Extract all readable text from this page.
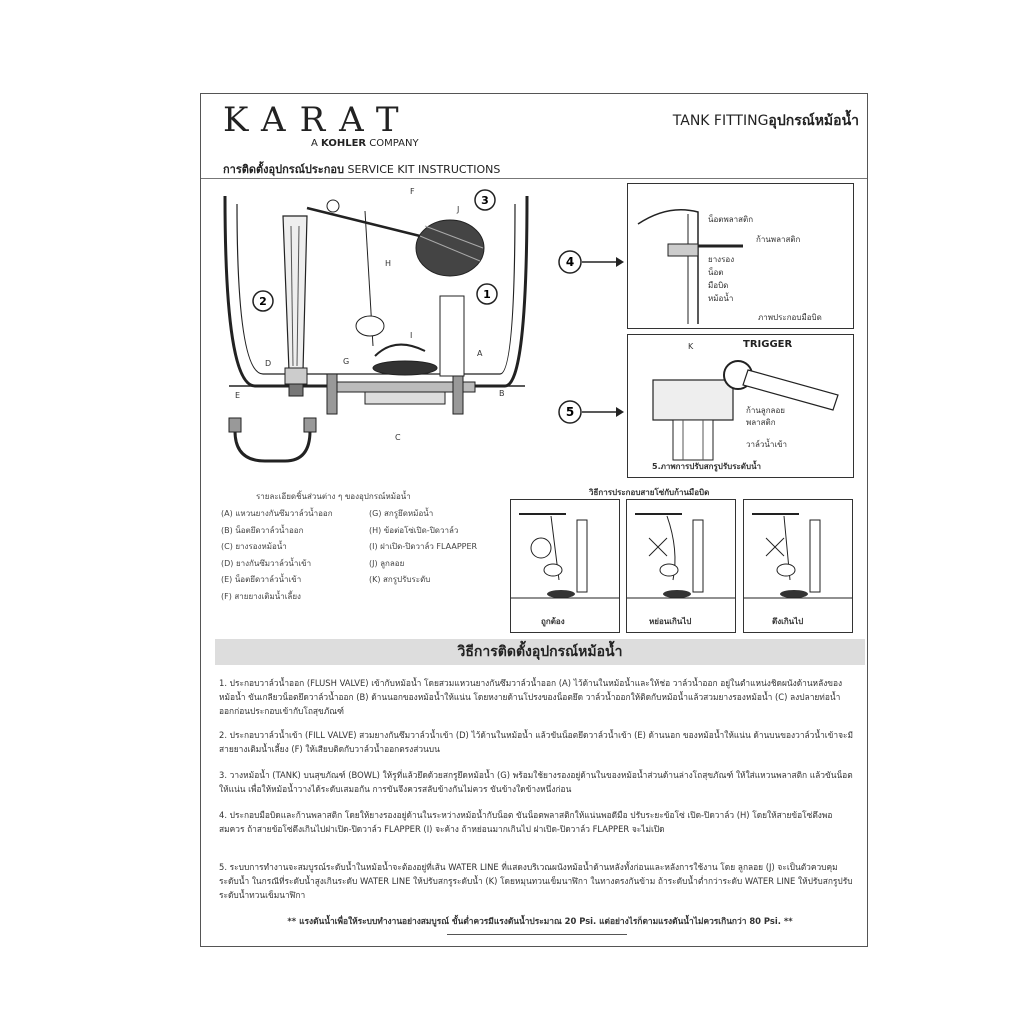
KARAT
A KOHLER COMPANY
TANK FITTINGอุปกรณ์หม้อน้ำ
การติดตั้งอุปกรณ์ประกอบ SERVICE KIT INSTRUCTIONS
2
1
3
F
J
H
I
A
B
C
D
E
G
4
5
น็อตพลาสติก
ก้านพลาสติก
ยางรอง
น็อต
มือบิด
หม้อน้ำ
ภาพประกอบมือบิด
K	TRIGGER
ก้านลูกลอย
พลาสติก
วาล์วน้ำเข้า
5.ภาพการปรับสกรูปรับระดับน้ำ
รายละเอียดชิ้นส่วนต่าง ๆ ของอุปกรณ์หม้อน้ำ
(A) แหวนยางกันซึมวาล์วน้ำออก
(B) น็อตยึดวาล์วน้ำออก
(C) ยางรองหม้อน้ำ
(D) ยางกันซึมวาล์วน้ำเข้า
(E) น็อตยึดวาล์วน้ำเข้า
(F) สายยางเติมน้ำเลี้ยง
(G) สกรูยึดหม้อน้ำ
(H) ข้อต่อโซ่เปิด-ปิดวาล์ว
(I) ฝาเปิด-ปิดวาล์ว FLAAPPER
(J) ลูกลอย
(K) สกรูปรับระดับ
วิธีการประกอบสายโซ่กับก้านมือบิด
ถูกต้อง	หย่อนเกินไป	ตึงเกินไป
วิธีการติดตั้งอุปกรณ์หม้อน้ำ
1. ประกอบวาล์วน้ำออก (FLUSH VALVE) เข้ากับหม้อน้ำ โดยสวมแหวนยางกันซึมวาล์วน้ำออก (A) ไว้ด้านในหม้อน้ำและให้ช่อ วาล์วน้ำออก อยู่ในตำแหน่งชิดผนังด้านหลังของหม้อน้ำ ขันเกลียวน็อตยึดวาล์วน้ำออก (B) ด้านนอกของหม้อน้ำให้แน่น โดยหงายด้านโปรงของน็อตยึด วาล์วน้ำออกให้ติดกับหม้อน้ำแล้วสวมยางรองหม้อน้ำ (C) ลงปลายท่อน้ำออกก่อนประกอบเข้ากับโถสุขภัณฑ์
2. ประกอบวาล์วน้ำเข้า (FILL VALVE) สวมยางกันซึมวาล์วน้ำเข้า (D) ไว้ด้านในหม้อน้ำ แล้วขันน็อตยึดวาล์วน้ำเข้า (E) ด้านนอก ของหม้อน้ำให้แน่น ด้านบนของวาล์วน้ำเข้าจะมีสายยางเติมน้ำเลี้ยง (F) ให้เสียบติดกับวาล์วน้ำออกตรงส่วนบน
3. วางหม้อน้ำ (TANK) บนสุขภัณฑ์ (BOWL) ให้รูที่แล้วยึดด้วยสกรูยึดหม้อน้ำ (G) พร้อมใช้ยางรองอยู่ด้านในของหม้อน้ำส่วนด้านล่างโถสุขภัณฑ์ ให้ใส่แหวนพลาสติก แล้วขันน็อตให้แน่น เพื่อให้หม้อน้ำวางได้ระดับเสมอกัน การขันจึงควรสลับข้างกันไม่ควร ขันข้างใดข้างหนึ่งก่อน
4. ประกอบมือบิดและก้านพลาสติก โดยให้ยางรองอยู่ด้านในระหว่างหม้อน้ำกับน็อต ขันน็อตพลาสติกให้แน่นพอดีมือ ปรับระยะข้อโซ่ เปิด-ปิดวาล์ว (H) โดยให้สายข้อโซ่ตึงพอสมควร ถ้าสายข้อโซ่ตึงเกินไปฝาเปิด-ปิดวาล์ว FLAPPER (I) จะค้าง ถ้าหย่อนมากเกินไป ฝาเปิด-ปิดวาล์ว FLAPPER จะไม่เปิด
5. ระบบการทำงานจะสมบูรณ์ระดับน้ำในหม้อน้ำจะต้องอยู่ที่เส้น WATER LINE ที่แสดงบริเวณผนังหม้อน้ำด้านหลังทั้งก่อนและหลังการใช้งาน โดย ลูกลอย (J) จะเป็นตัวควบคุมระดับน้ำ ในกรณีที่ระดับน้ำสูงเกินระดับ WATER LINE ให้ปรับสกรูระดับน้ำ (K) โดยหมุนทวนเข็มนาฬิกา ในทางตรงกันข้าม ถ้าระดับน้ำต่ำกว่าระดับ WATER LINE ให้ปรับสกรูปรับระดับน้ำทวนเข็มนาฬิกา
** แรงดันน้ำเพื่อให้ระบบทำงานอย่างสมบูรณ์ ขั้นต่ำควรมีแรงดันน้ำประมาณ 20 Psi. แต่อย่างไรก็ตามแรงดันน้ำไม่ควรเกินกว่า 80 Psi. **
